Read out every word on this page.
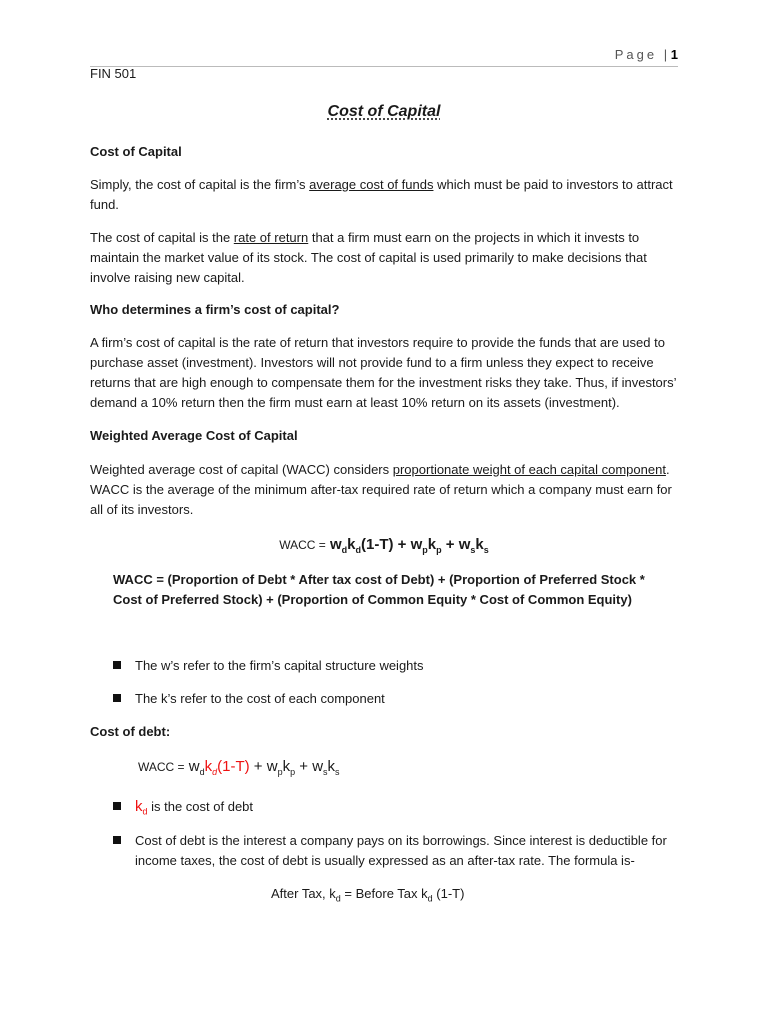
Page | 1
FIN 501
Cost of Capital
Cost of Capital
Simply, the cost of capital is the firm’s average cost of funds which must be paid to investors to attract fund.
The cost of capital is the rate of return that a firm must earn on the projects in which it invests to maintain the market value of its stock. The cost of capital is used primarily to make decisions that involve raising new capital.
Who determines a firm’s cost of capital?
A firm’s cost of capital is the rate of return that investors require to provide the funds that are used to purchase asset (investment). Investors will not provide fund to a firm unless they expect to receive returns that are high enough to compensate them for the investment risks they take. Thus, if investors’ demand a 10% return then the firm must earn at least 10% return on its assets (investment).
Weighted Average Cost of Capital
Weighted average cost of capital (WACC) considers proportionate weight of each capital component. WACC is the average of the minimum after-tax required rate of return which a company must earn for all of its investors.
WACC = $w_dk_d(1-T) + w_pk_p + w_sk_s$
WACC = (Proportion of Debt * After tax cost of Debt) + (Proportion of Preferred Stock * Cost of Preferred Stock) + (Proportion of Common Equity * Cost of Common Equity)
The w’s refer to the firm’s capital structure weights
The k’s refer to the cost of each component
Cost of debt:
WACC = $w_dk_d(1-T) + w_pk_p + w_sk_s$
$k_d$ is the cost of debt
Cost of debt is the interest a company pays on its borrowings. Since interest is deductible for income taxes, the cost of debt is usually expressed as an after-tax rate. The formula is-
After Tax, $k_d$ = Before Tax $k_d$ (1-T)
